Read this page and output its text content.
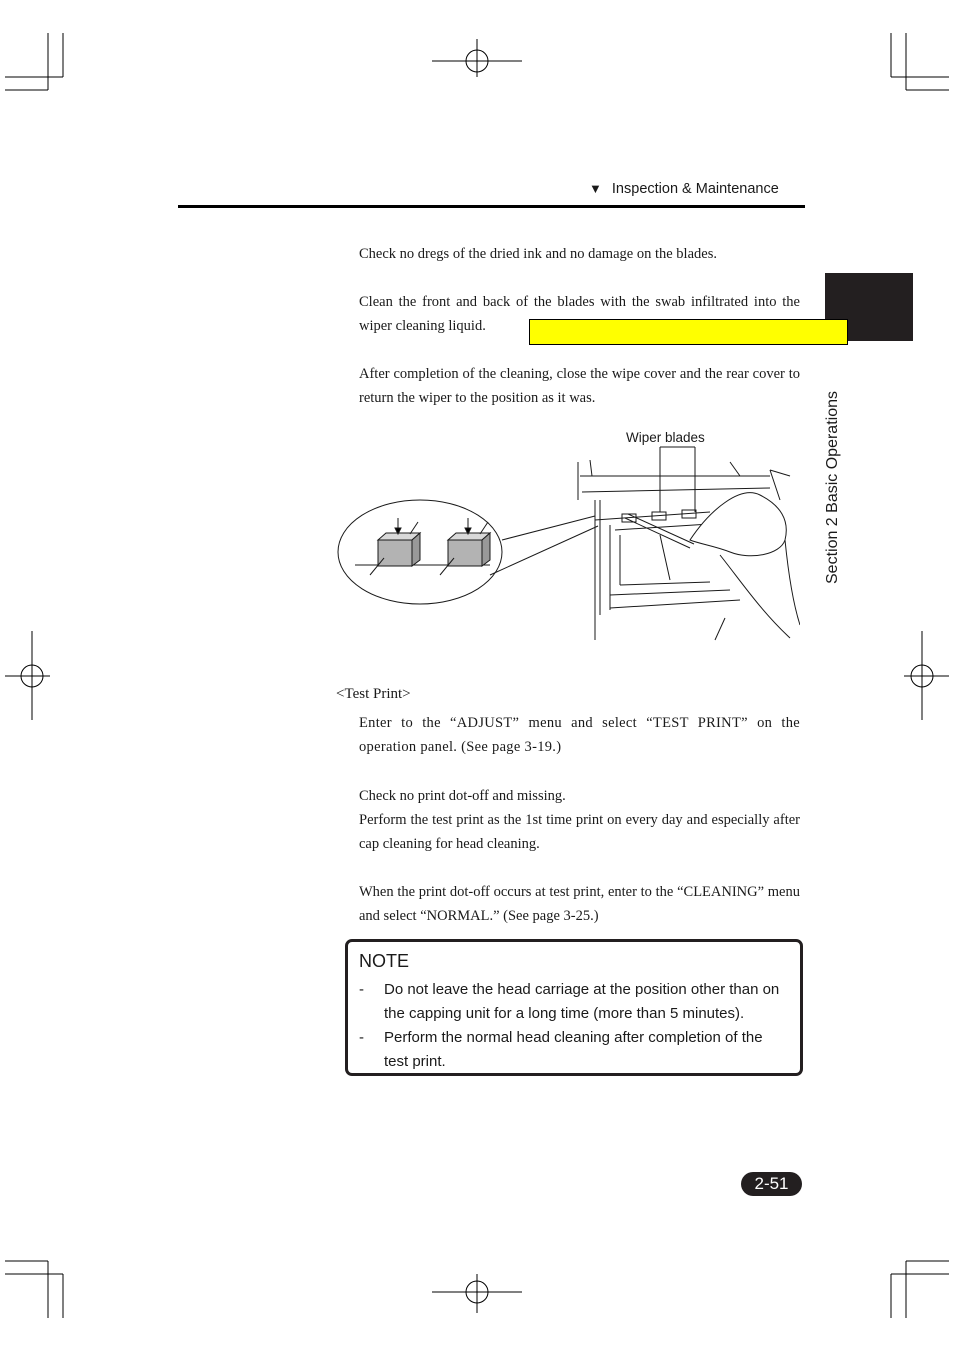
▼ Inspection & Maintenance
Section 2 Basic Operations
Check no dregs of the dried ink and no damage on the blades.
Clean the front and back of the blades with the swab infiltrated into the wiper cleaning liquid.
After completion of the cleaning, close the wipe cover and the rear cover to return the wiper to the position as it was.
Wiper blades
<Test Print>
Enter to the “ADJUST” menu and select “TEST PRINT” on the operation panel. (See page 3-19.)
Check no print dot-off and missing.
Perform the test print as the 1st time print on every day and especially after cap cleaning for head cleaning.
When the print dot-off occurs at test print, enter to the “CLEANING” menu and select “NORMAL.” (See page 3-25.)
NOTE
- Do not leave the head carriage at the position other than on the capping unit for a long time (more than 5 minutes).
- Perform the normal head cleaning after completion of the test print.
2-51
